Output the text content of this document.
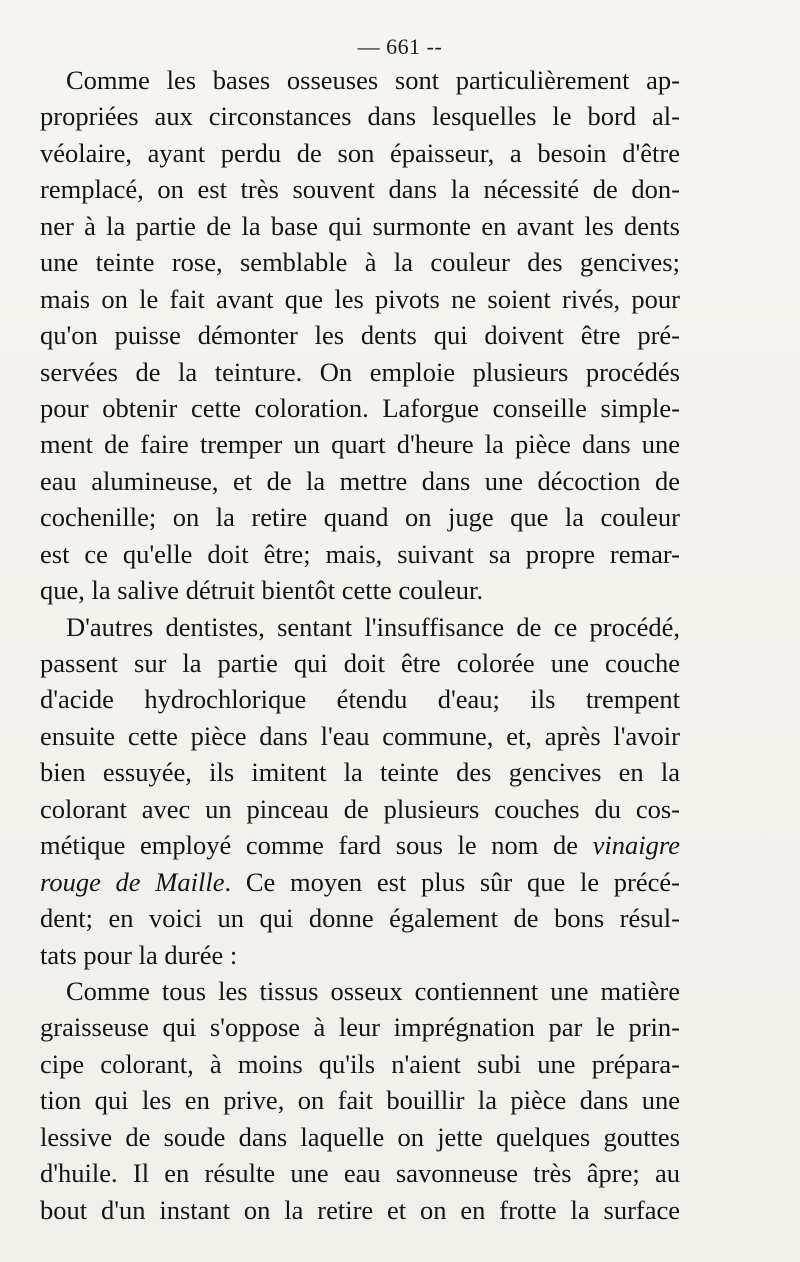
— 661 --
Comme les bases osseuses sont particulièrement ap-
propriées aux circonstances dans lesquelles le bord al-
véolaire, ayant perdu de son épaisseur, a besoin d'être
remplacé, on est très souvent dans la nécessité de don-
ner à la partie de la base qui surmonte en avant les dents
une teinte rose, semblable à la couleur des gencives;
mais on le fait avant que les pivots ne soient rivés, pour
qu'on puisse démonter les dents qui doivent être pré-
servées de la teinture. On emploie plusieurs procédés
pour obtenir cette coloration. Laforgue conseille simple-
ment de faire tremper un quart d'heure la pièce dans une
eau alumineuse, et de la mettre dans une décoction de
cochenille; on la retire quand on juge que la couleur
est ce qu'elle doit être; mais, suivant sa propre remar-
que, la salive détruit bientôt cette couleur.
D'autres dentistes, sentant l'insuffisance de ce procédé,
passent sur la partie qui doit être colorée une couche
d'acide hydrochlorique étendu d'eau; ils trempent
ensuite cette pièce dans l'eau commune, et, après l'avoir
bien essuyée, ils imitent la teinte des gencives en la
colorant avec un pinceau de plusieurs couches du cos-
métique employé comme fard sous le nom de vinaigre
rouge de Maille. Ce moyen est plus sûr que le précé-
dent; en voici un qui donne également de bons résul-
tats pour la durée :
Comme tous les tissus osseux contiennent une matière
graisseuse qui s'oppose à leur imprégnation par le prin-
cipe colorant, à moins qu'ils n'aient subi une prépara-
tion qui les en prive, on fait bouillir la pièce dans une
lessive de soude dans laquelle on jette quelques gouttes
d'huile. Il en résulte une eau savonneuse très âpre; au
bout d'un instant on la retire et on en frotte la surface
